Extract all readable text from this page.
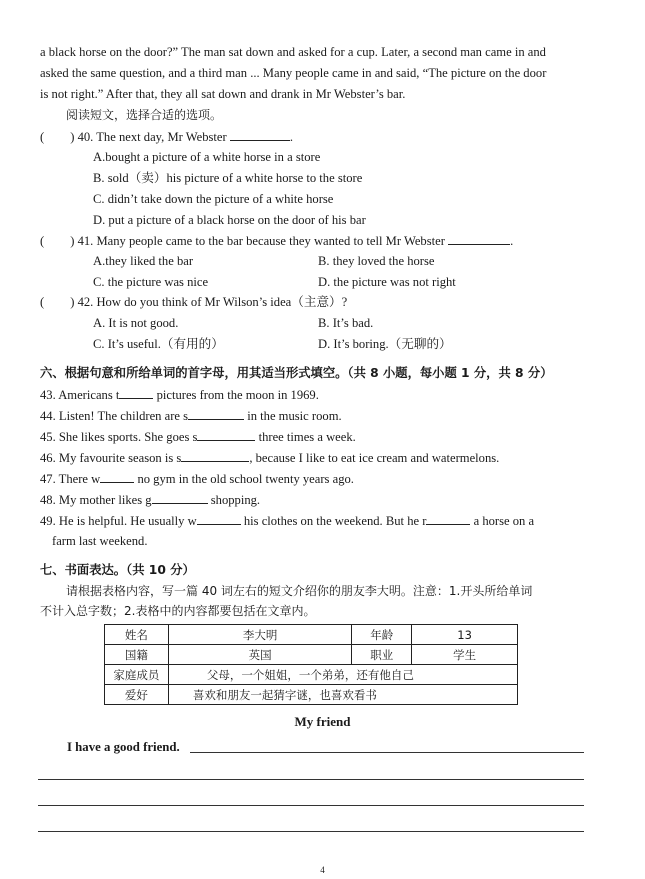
a black horse on the door?” The man sat down and asked for a cup. Later, a second man came in and
asked the same question, and a third man ... Many people came in and said, “The picture on the door
is not right.” After that, they all sat down and drank in Mr Webster’s bar.
阅读短文，选择合适的选项。
( ) 40. The next day, Mr Webster	.
A.bought a picture of a white horse in a store
B. sold（卖）his picture of a white horse to the store
C. didn’t take down the picture of a white horse
D. put a picture of a black horse on the door of his bar
( ) 41. Many people came to the bar because they wanted to tell Mr Webster	.
A.they liked the bar	B. they loved the horse
C. the picture was nice	D. the picture was not right
( ) 42. How do you think of Mr Wilson’s idea（主意）?
A. It is not good.	B. It’s bad.
C. It’s useful.（有用的）	D. It’s boring.（无聊的）
六、根据句意和所给单词的首字母，用其适当形式填空。（共 8 小题，每小题 1 分，共 8 分）
43. Americans t	pictures from the moon in 1969.
44. Listen! The children are s	in the music room.
45. She likes sports. She goes s	three times a week.
46. My favourite season is s	, because I like to eat ice cream and watermelons.
47. There w	no gym in the old school twenty years ago.
48. My mother likes g	shopping.
49. He is helpful. He usually w	his clothes on the weekend. But he r	a horse on a
farm last weekend.
七、书面表达。（共 10 分）
请根据表格内容，写一篇 40 词左右的短文介绍你的朋友李大明。注意：1.开头所给单词
不计入总字数；2.表格中的内容都要包括在文章内。
姓名	李大明	年龄	13
国籍	英国	职业	学生
家庭成员	父母，一个姐姐，一个弟弟，还有他自己		
爱好	喜欢和朋友一起猜字谜，也喜欢看书		
My friend
I have a good friend.
4
